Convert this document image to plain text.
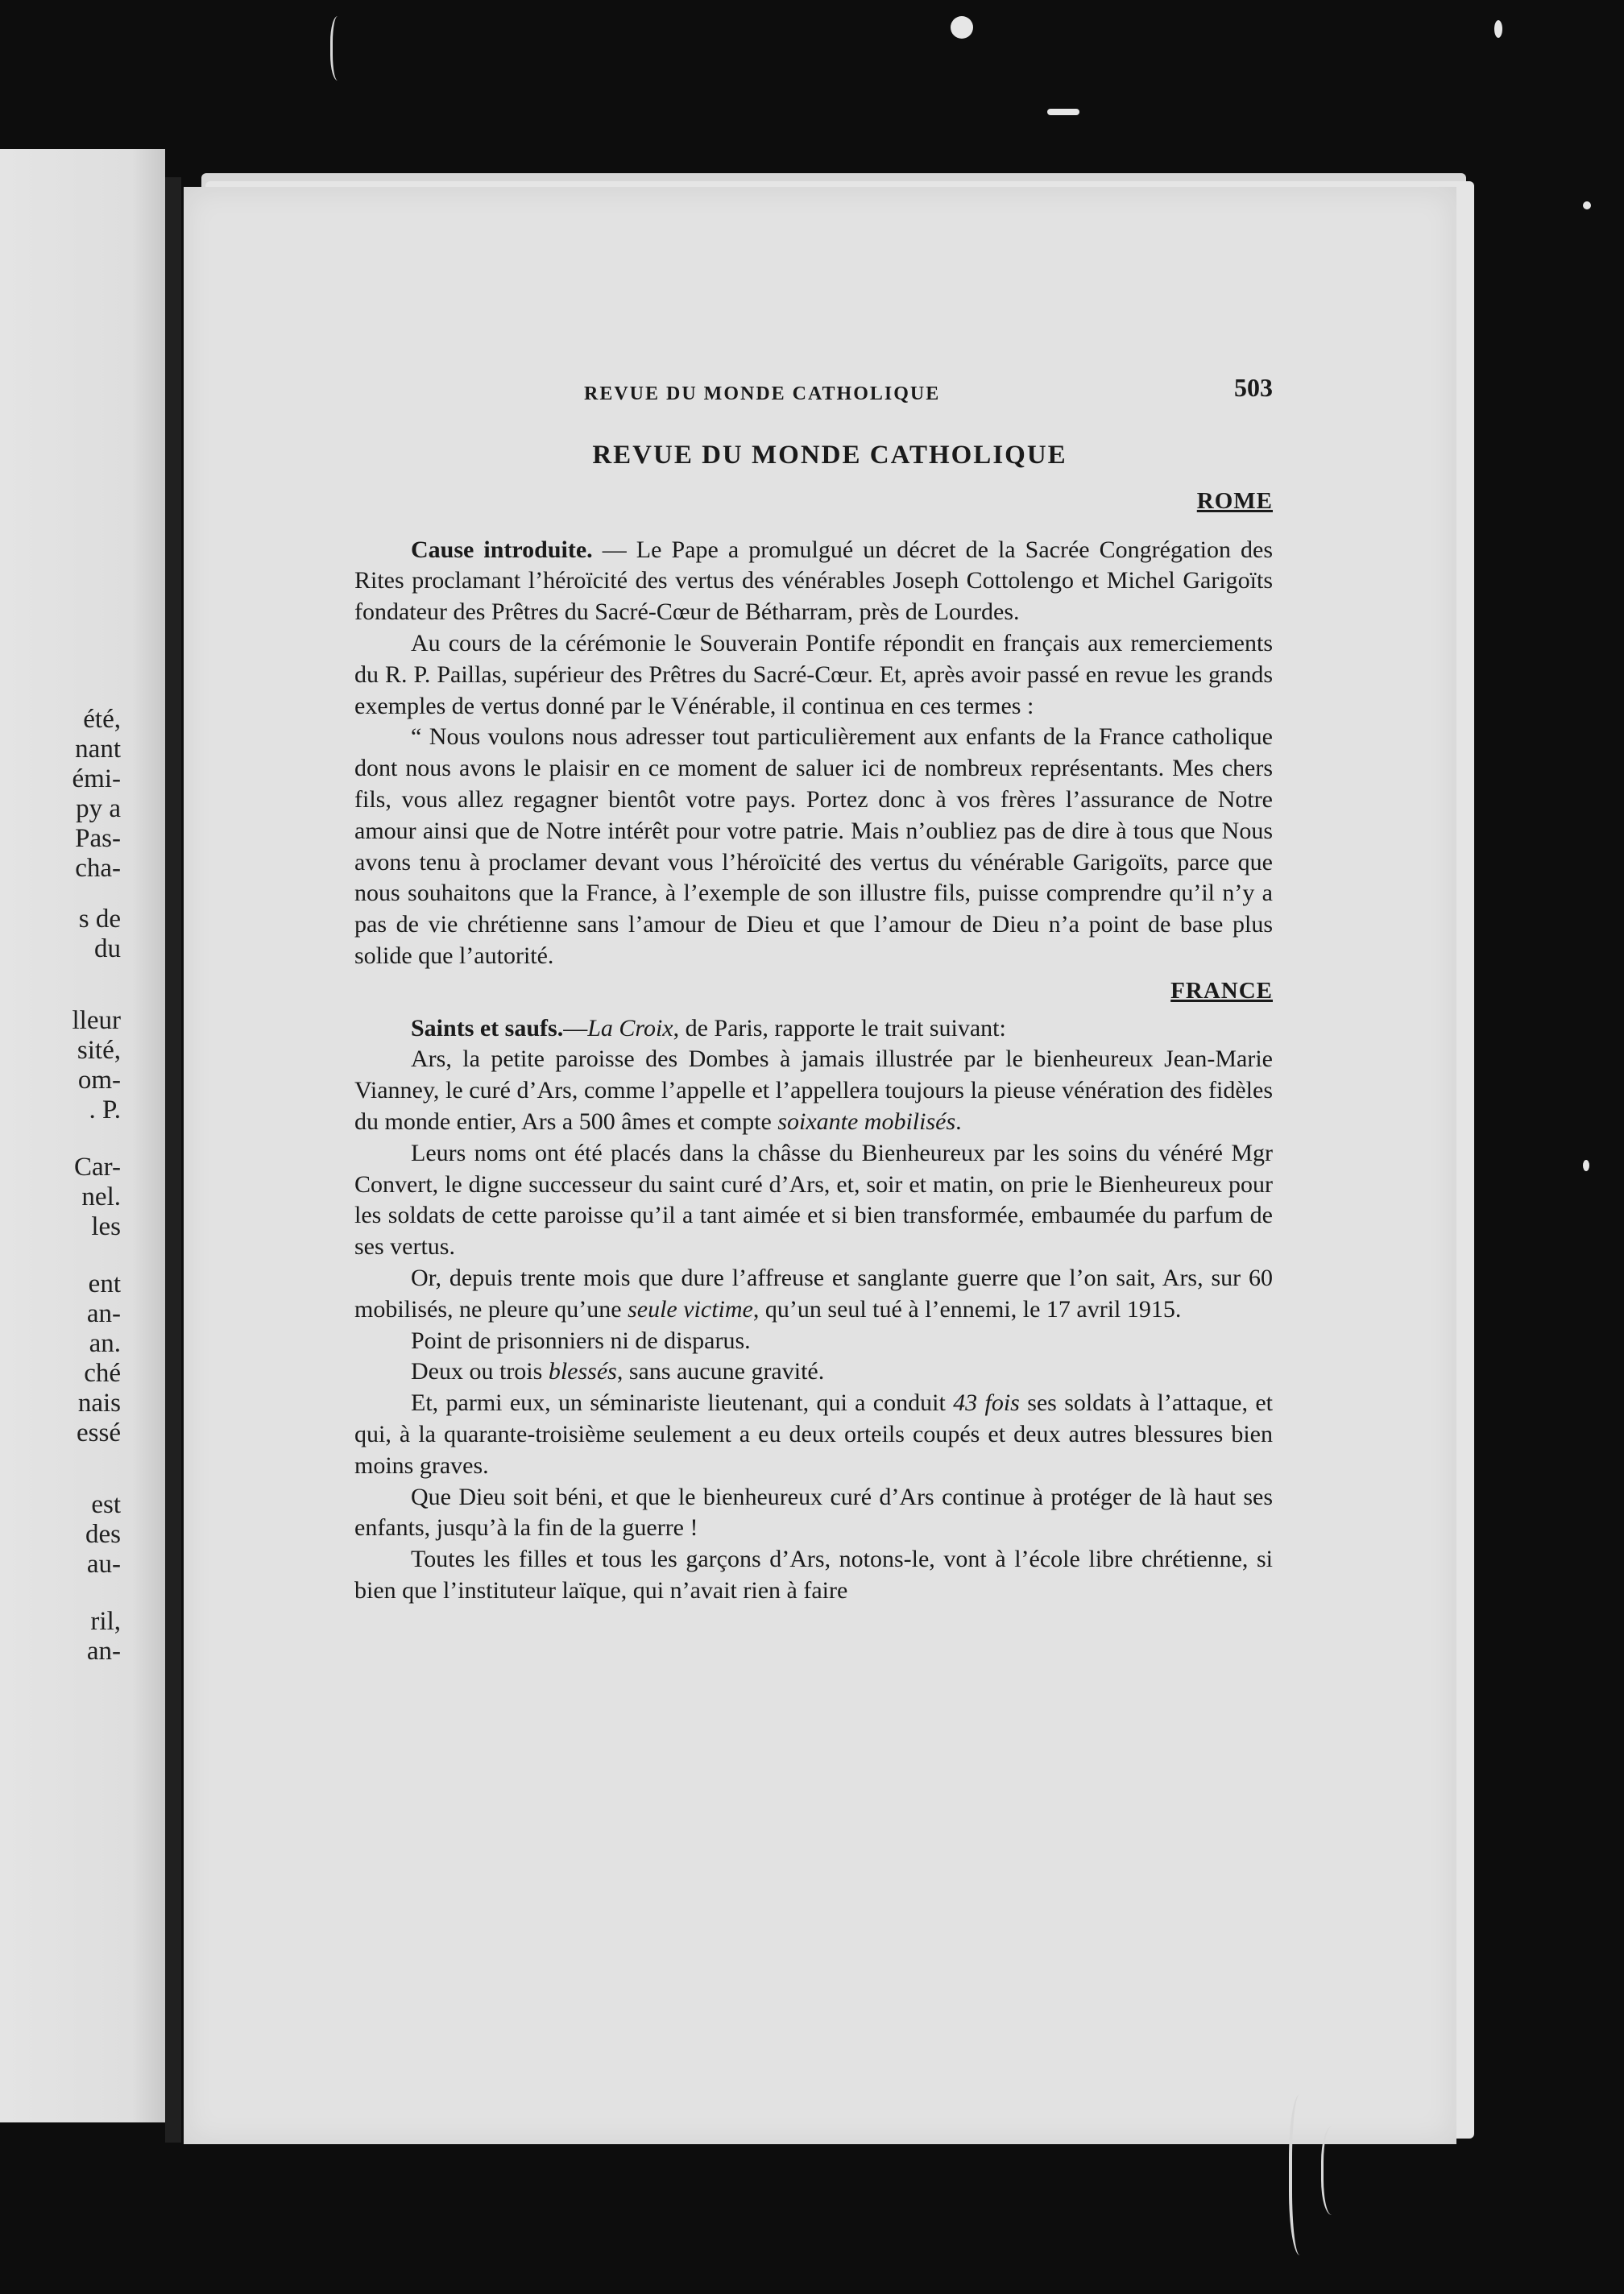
été,
nant
émi-
py a
Pas-
cha-
s de
du
lleur
sité,
om-
. P.
Car-
nel.
les
ent
an-
an.
ché
nais
essé
est
des
au-
ril,
an-
REVUE DU MONDE CATHOLIQUE	503
REVUE DU MONDE CATHOLIQUE
ROME

Cause introduite. — Le Pape a promulgué un décret de la Sacrée Congrégation des Rites proclamant l’héroïcité des vertus des vénérables Joseph Cottolengo et Michel Garigoïts fondateur des Prêtres du Sacré-Cœur de Bétharram, près de Lourdes.

Au cours de la cérémonie le Souverain Pontife répondit en français aux remerciements du R. P. Paillas, supérieur des Prêtres du Sacré-Cœur. Et, après avoir passé en revue les grands exemples de vertus donné par le Vénérable, il continua en ces termes :

“ Nous voulons nous adresser tout particulièrement aux enfants de la France catholique dont nous avons le plaisir en ce moment de saluer ici de nombreux représentants. Mes chers fils, vous allez regagner bientôt votre pays. Portez donc à vos frères l’assurance de Notre amour ainsi que de Notre intérêt pour votre patrie. Mais n’oubliez pas de dire à tous que Nous avons tenu à proclamer devant vous l’héroïcité des vertus du vénérable Garigoïts, parce que nous souhaitons que la France, à l’exemple de son illustre fils, puisse comprendre qu’il n’y a pas de vie chrétienne sans l’amour de Dieu et que l’amour de Dieu n’a point de base plus solide que l’autorité.

FRANCE

Saints et saufs.—La Croix, de Paris, rapporte le trait suivant:

Ars, la petite paroisse des Dombes à jamais illustrée par le bienheureux Jean-Marie Vianney, le curé d’Ars, comme l’appelle et l’appellera toujours la pieuse vénération des fidèles du monde entier, Ars a 500 âmes et compte soixante mobilisés.

Leurs noms ont été placés dans la châsse du Bienheureux par les soins du vénéré Mgr Convert, le digne successeur du saint curé d’Ars, et, soir et matin, on prie le Bienheureux pour les soldats de cette paroisse qu’il a tant aimée et si bien transformée, embaumée du parfum de ses vertus.

Or, depuis trente mois que dure l’affreuse et sanglante guerre que l’on sait, Ars, sur 60 mobilisés, ne pleure qu’une seule victime, qu’un seul tué à l’ennemi, le 17 avril 1915.

Point de prisonniers ni de disparus.

Deux ou trois blessés, sans aucune gravité.

Et, parmi eux, un séminariste lieutenant, qui a conduit 43 fois ses soldats à l’attaque, et qui, à la quarante-troisième seulement a eu deux orteils coupés et deux autres blessures bien moins graves.

Que Dieu soit béni, et que le bienheureux curé d’Ars continue à protéger de là haut ses enfants, jusqu’à la fin de la guerre !

Toutes les filles et tous les garçons d’Ars, notons-le, vont à l’école libre chrétienne, si bien que l’instituteur laïque, qui n’avait rien à faire
